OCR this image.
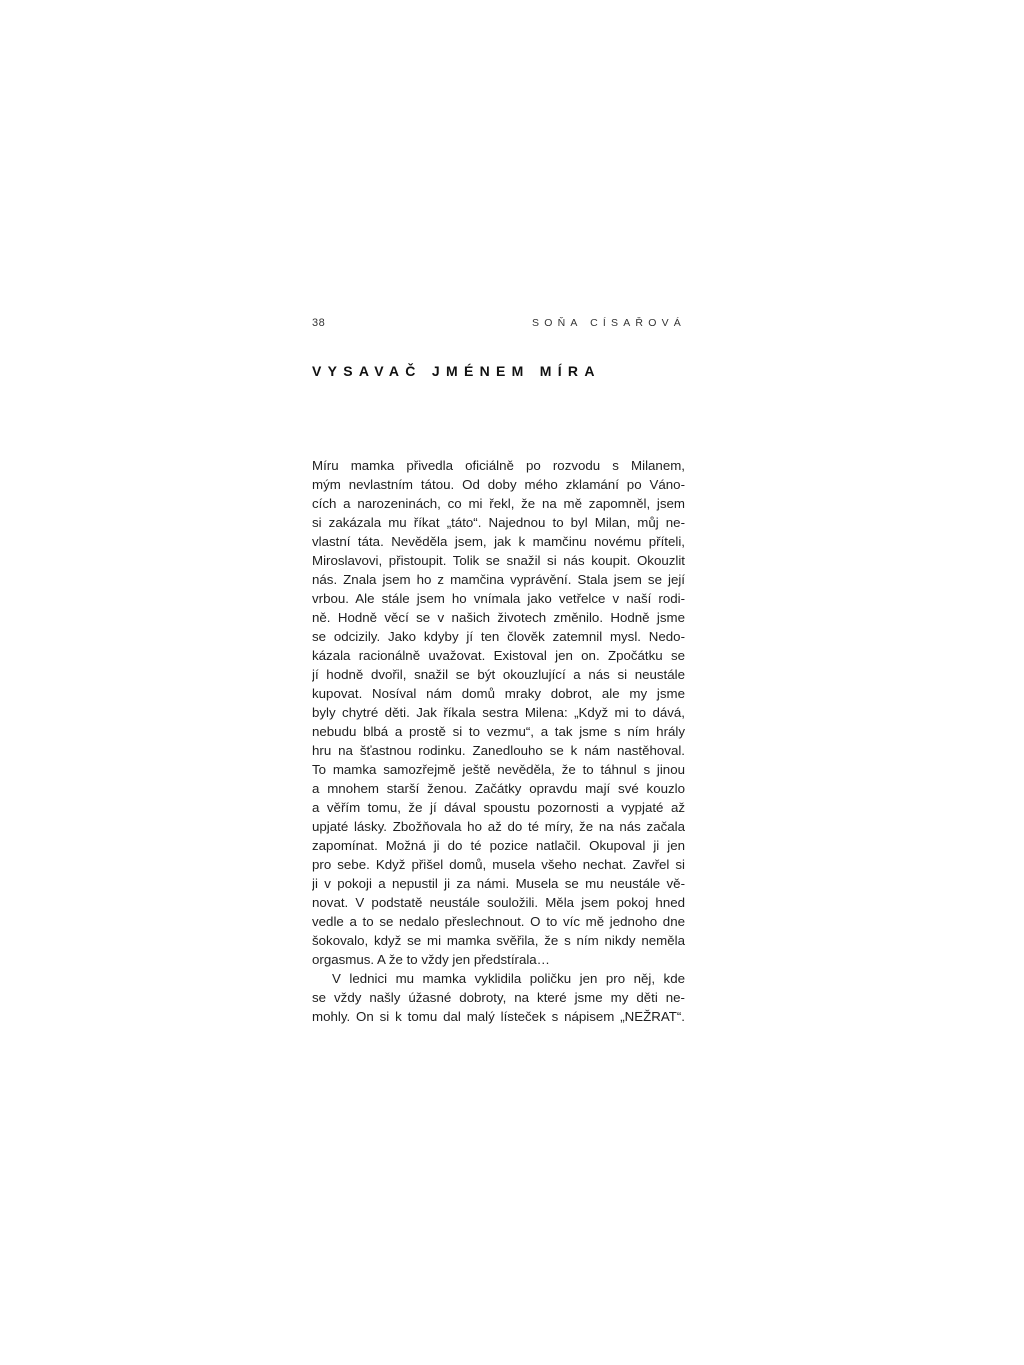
38	SOŇA CÍSAŘOVÁ
VYSAVAČ JMÉNEM MÍRA
Míru mamka přivedla oficiálně po rozvodu s Milanem,
mým nevlastním tátou. Od doby mého zklamání po Váno-
cích a narozeninách, co mi řekl, že na mě zapomněl, jsem
si zakázala mu říkat „táto“. Najednou to byl Milan, můj ne-
vlastní táta. Nevěděla jsem, jak k mamčinu novému příteli,
Miroslavovi, přistoupit. Tolik se snažil si nás koupit. Okouzlit
nás. Znala jsem ho z mamčina vyprávění. Stala jsem se její
vrbou. Ale stále jsem ho vnímala jako vetřelce v naší rodi-
ně. Hodně věcí se v našich životech změnilo. Hodně jsme
se odcizily. Jako kdyby jí ten člověk zatemnil mysl. Nedo-
kázala racionálně uvažovat. Existoval jen on. Zpočátku se
jí hodně dvořil, snažil se být okouzlující a nás si neustále
kupovat. Nosíval nám domů mraky dobrot, ale my jsme
byly chytré děti. Jak říkala sestra Milena: „Když mi to dává,
nebudu blbá a prostě si to vezmu“, a tak jsme s ním hrály
hru na šťastnou rodinku. Zanedlouho se k nám nastěhoval.
To mamka samozřejmě ještě nevěděla, že to táhnul s jinou
a mnohem starší ženou. Začátky opravdu mají své kouzlo
a věřím tomu, že jí dával spoustu pozornosti a vypjaté až
upjaté lásky. Zbožňovala ho až do té míry, že na nás začala
zapomínat. Možná ji do té pozice natlačil. Okupoval ji jen
pro sebe. Když přišel domů, musela všeho nechat. Zavřel si
ji v pokoji a nepustil ji za námi. Musela se mu neustále vě-
novat. V podstatě neustále souložili. Měla jsem pokoj hned
vedle a to se nedalo přeslechnout. O to víc mě jednoho dne
šokovalo, když se mi mamka svěřila, že s ním nikdy neměla
orgasmus. A že to vždy jen předstírala…
V lednici mu mamka vyklidila poličku jen pro něj, kde
se vždy našly úžasné dobroty, na které jsme my děti ne-
mohly. On si k tomu dal malý lísteček s nápisem „NEŽRAT“.
